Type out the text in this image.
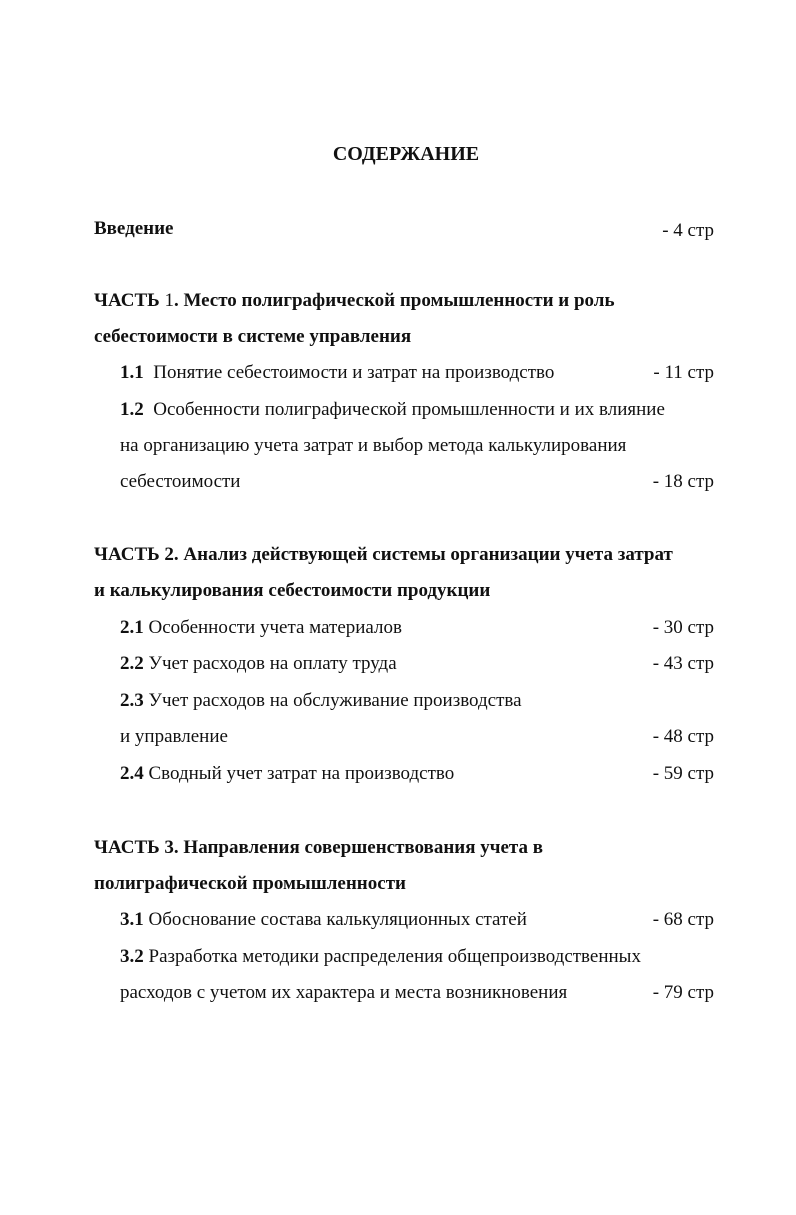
СОДЕРЖАНИЕ
Введение	- 4 стр
ЧАСТЬ 1. Место полиграфической промышленности и роль
себестоимости в системе управления
1.1 Понятие себестоимости и затрат на производство	- 11 стр
1.2 Особенности полиграфической промышленности и их влияние
на организацию учета затрат и выбор метода калькулирования
себестоимости	- 18 стр
ЧАСТЬ 2. Анализ действующей системы организации учета затрат
и калькулирования себестоимости продукции
2.1 Особенности учета материалов	- 30 стр
2.2 Учет расходов на оплату труда	- 43 стр
2.3 Учет расходов на обслуживание производства
и управление	- 48 стр
2.4 Сводный учет затрат на производство	- 59 стр
ЧАСТЬ 3. Направления совершенствования учета в
полиграфической промышленности
3.1 Обоснование состава калькуляционных статей	- 68 стр
3.2 Разработка методики распределения общепроизводственных
расходов с учетом их характера и места возникновения	- 79 стр
